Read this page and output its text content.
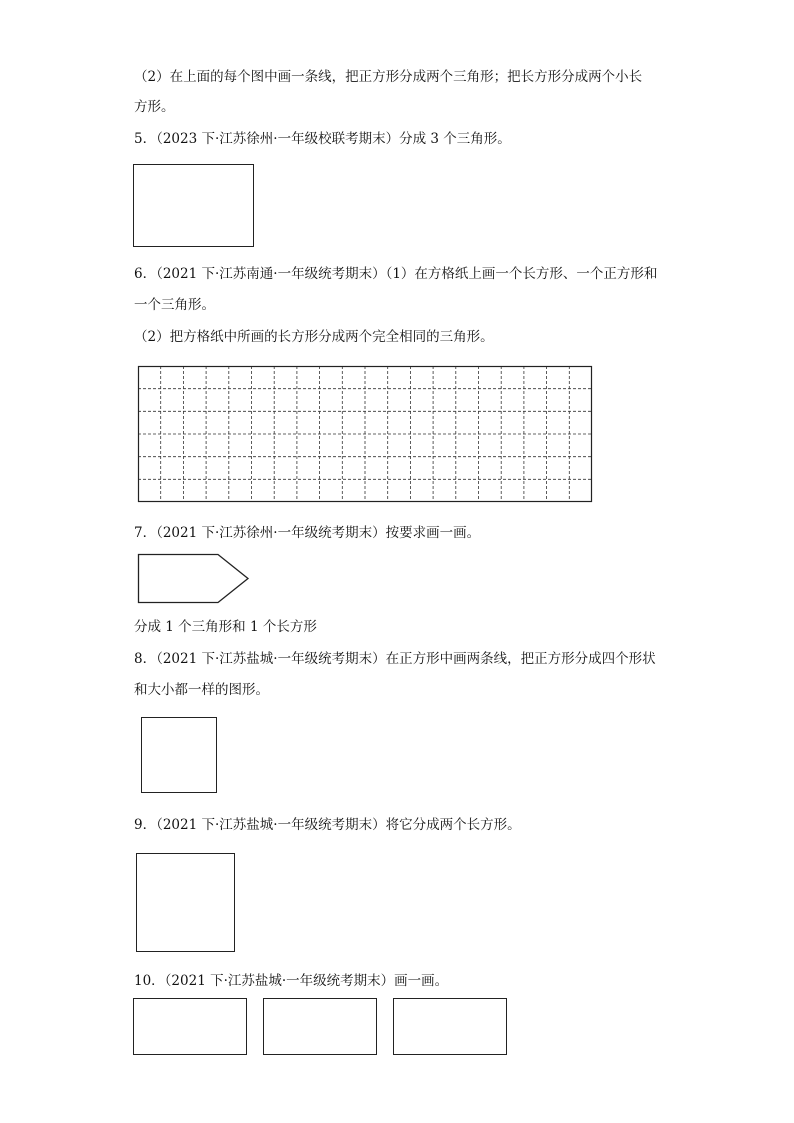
（2）在上面的每个图中画一条线，把正方形分成两个三角形；把长方形分成两个小长
方形。
5．（2023 下·江苏徐州·一年级校联考期末）分成 3 个三角形。
6．（2021 下·江苏南通·一年级统考期末）（1）在方格纸上画一个长方形、一个正方形和
一个三角形。
（2）把方格纸中所画的长方形分成两个完全相同的三角形。
7．（2021 下·江苏徐州·一年级统考期末）按要求画一画。
分成 1 个三角形和 1 个长方形
8．（2021 下·江苏盐城·一年级统考期末）在正方形中画两条线，把正方形分成四个形状
和大小都一样的图形。
9．（2021 下·江苏盐城·一年级统考期末）将它分成两个长方形。
10．（2021 下·江苏盐城·一年级统考期末）画一画。
